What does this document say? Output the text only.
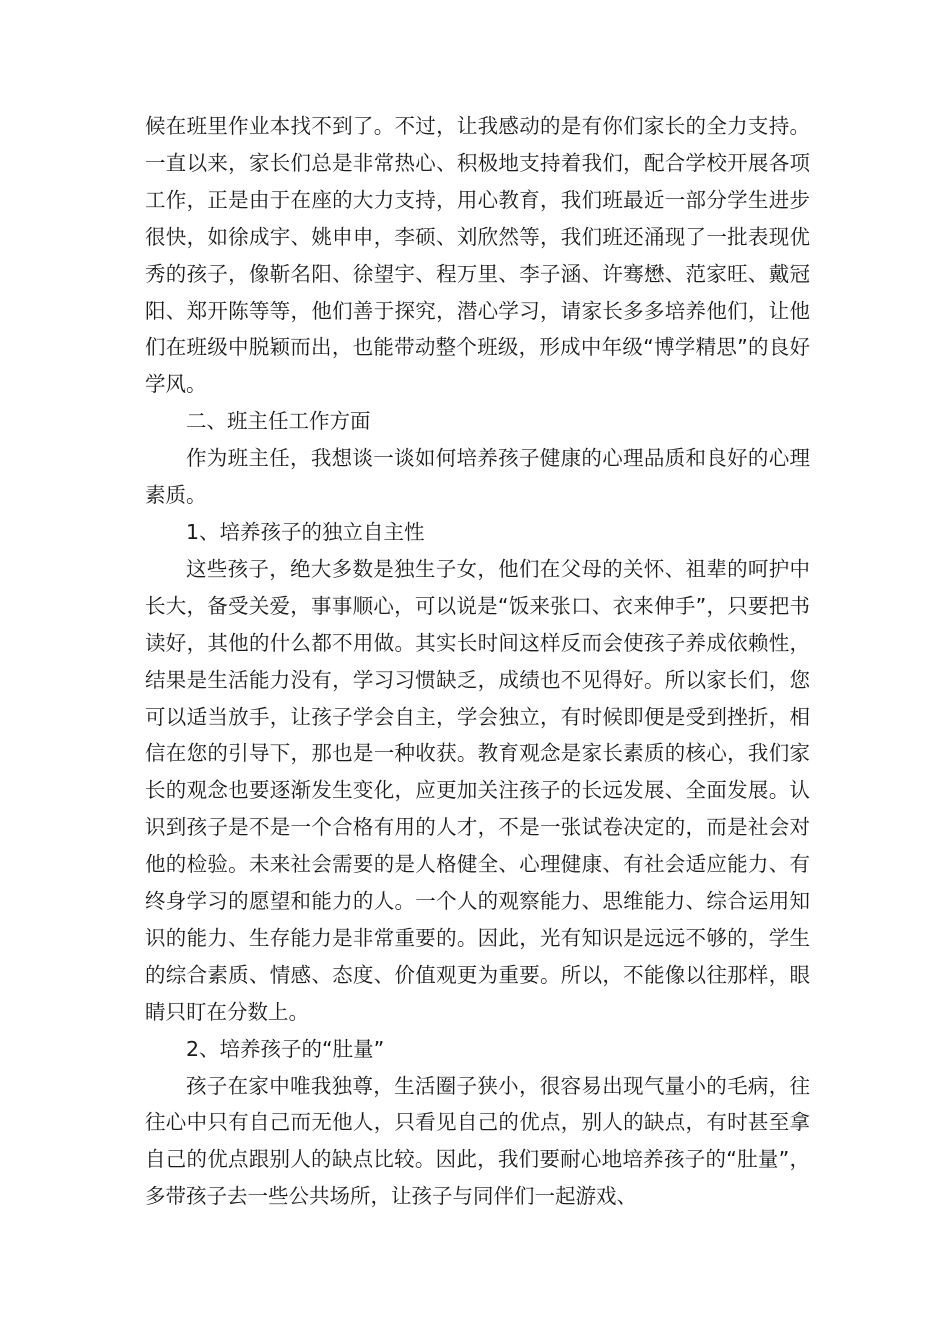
候在班里作业本找不到了。不过，让我感动的是有你们家长的全力支持。一直以来，家长们总是非常热心、积极地支持着我们，配合学校开展各项工作，正是由于在座的大力支持，用心教育，我们班最近一部分学生进步很快，如徐成宇、姚申申，李硕、刘欣然等，我们班还涌现了一批表现优秀的孩子，像靳名阳、徐望宇、程万里、李子涵、许骞懋、范家旺、戴冠阳、郑开陈等等，他们善于探究，潜心学习，请家长多多培养他们，让他们在班级中脱颖而出，也能带动整个班级，形成中年级“博学精思”的良好学风。

二、班主任工作方面

作为班主任，我想谈一谈如何培养孩子健康的心理品质和良好的心理素质。

1、培养孩子的独立自主性

这些孩子，绝大多数是独生子女，他们在父母的关怀、祖辈的呵护中长大，备受关爱，事事顺心，可以说是“饭来张口、衣来伸手”，只要把书读好，其他的什么都不用做。其实长时间这样反而会使孩子养成依赖性，结果是生活能力没有，学习习惯缺乏，成绩也不见得好。所以家长们，您可以适当放手，让孩子学会自主，学会独立，有时候即便是受到挫折，相信在您的引导下，那也是一种收获。教育观念是家长素质的核心，我们家长的观念也要逐渐发生变化，应更加关注孩子的长远发展、全面发展。认识到孩子是不是一个合格有用的人才，不是一张试卷决定的，而是社会对他的检验。未来社会需要的是人格健全、心理健康、有社会适应能力、有终身学习的愿望和能力的人。一个人的观察能力、思维能力、综合运用知识的能力、生存能力是非常重要的。因此，光有知识是远远不够的，学生的综合素质、情感、态度、价值观更为重要。所以，不能像以往那样，眼睛只盯在分数上。

2、培养孩子的“肚量”

孩子在家中唯我独尊，生活圈子狭小，很容易出现气量小的毛病，往往心中只有自己而无他人，只看见自己的优点，别人的缺点，有时甚至拿自己的优点跟别人的缺点比较。因此，我们要耐心地培养孩子的“肚量”，多带孩子去一些公共场所，让孩子与同伴们一起游戏、
